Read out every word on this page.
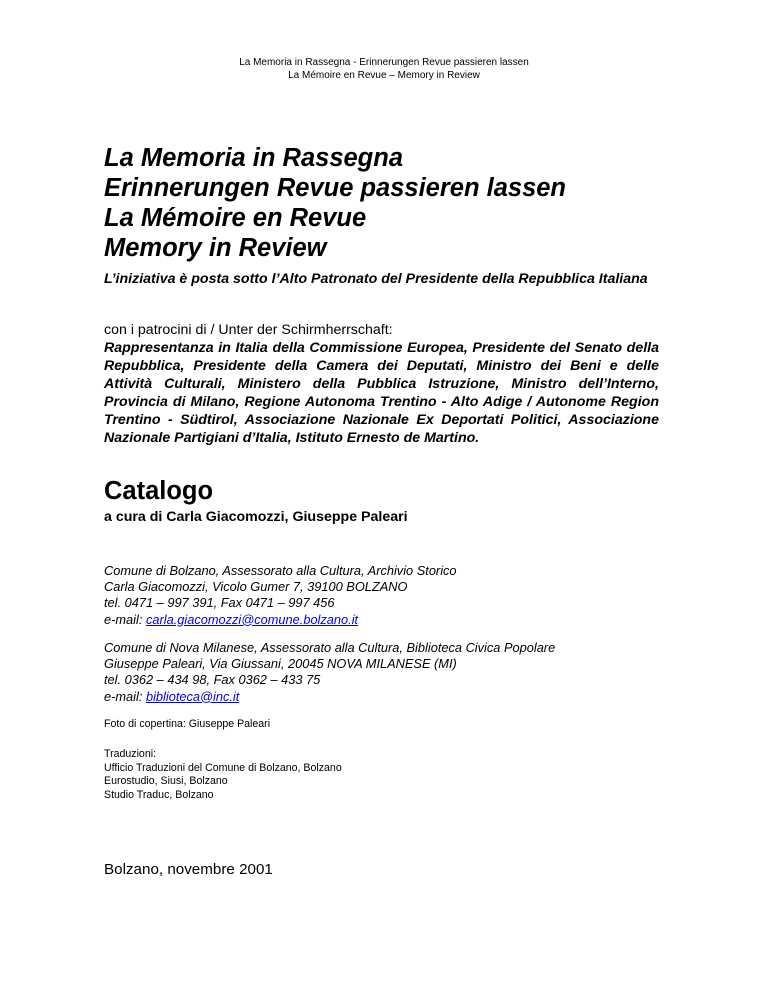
La Memoria in Rassegna - Erinnerungen Revue passieren lassen
La Mémoire en Revue – Memory in Review
La Memoria in Rassegna
Erinnerungen Revue passieren lassen
La Mémoire en Revue
Memory in Review
L’iniziativa è posta sotto l’Alto Patronato del Presidente della Repubblica Italiana
con i patrocini di / Unter der Schirmherrschaft:
Rappresentanza in Italia della Commissione Europea, Presidente del Senato della Repubblica, Presidente della Camera dei Deputati, Ministro dei Beni e delle Attività Culturali, Ministero della Pubblica Istruzione, Ministro dell’Interno, Provincia di Milano, Regione Autonoma Trentino - Alto Adige / Autonome Region Trentino - Südtirol, Associazione Nazionale Ex Deportati Politici, Associazione Nazionale Partigiani d’Italia, Istituto Ernesto de Martino.
Catalogo
a cura di Carla Giacomozzi, Giuseppe Paleari
Comune di Bolzano, Assessorato alla Cultura, Archivio Storico
Carla Giacomozzi, Vicolo Gumer 7, 39100 BOLZANO
tel. 0471 – 997 391, Fax 0471 – 997 456
e-mail: carla.giacomozzi@comune.bolzano.it
Comune di Nova Milanese, Assessorato alla Cultura, Biblioteca Civica Popolare
Giuseppe Paleari, Via Giussani, 20045 NOVA MILANESE (MI)
tel. 0362 – 434 98, Fax 0362 – 433 75
e-mail: biblioteca@inc.it
Foto di copertina: Giuseppe Paleari
Traduzioni:
Ufficio Traduzioni del Comune di Bolzano, Bolzano
Eurostudio, Siusi, Bolzano
Studio Traduc, Bolzano
Bolzano, novembre 2001
